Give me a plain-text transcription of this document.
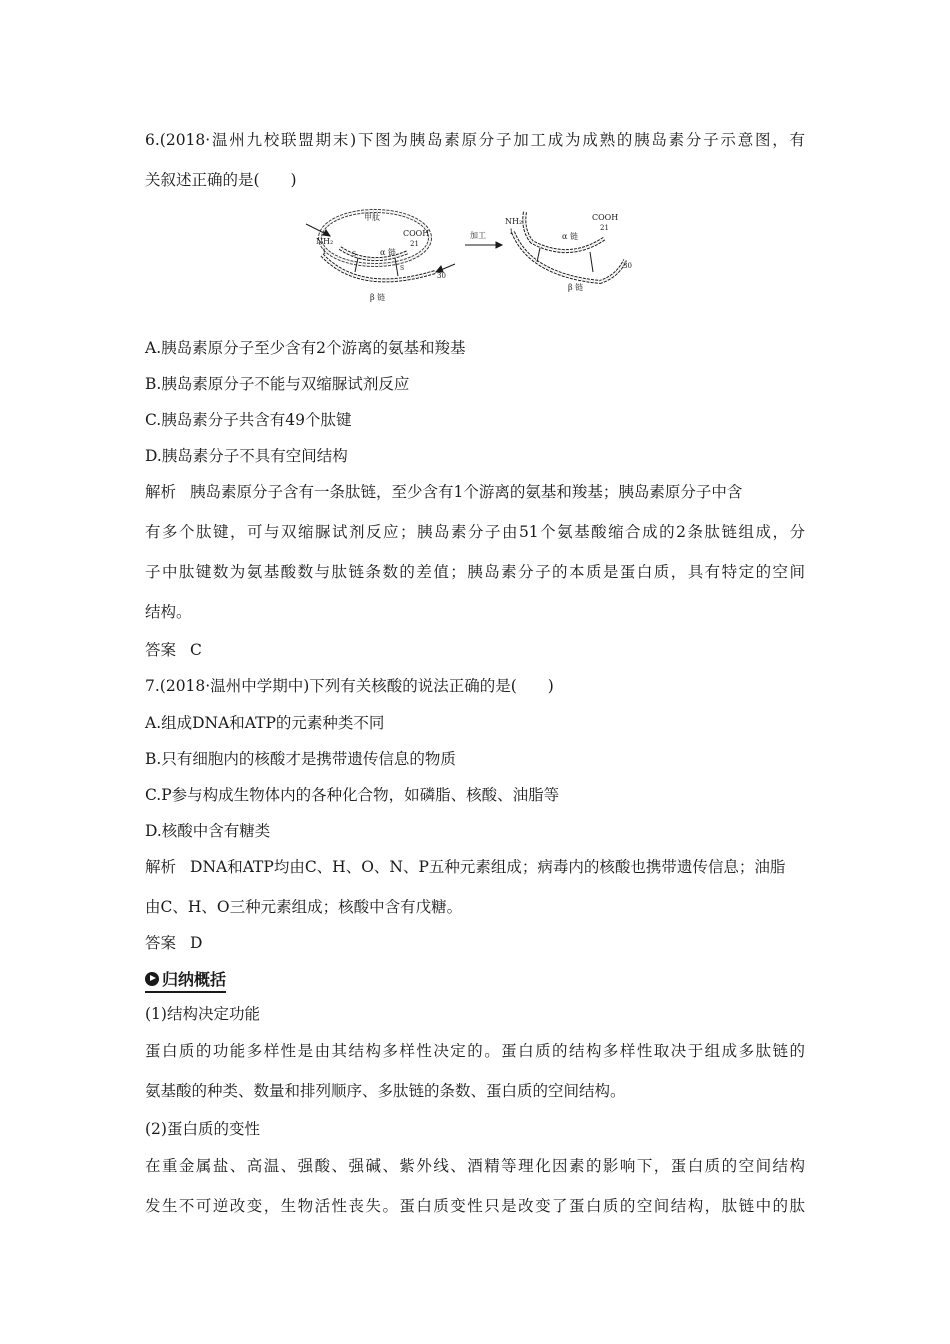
6.(2018·温州九校联盟期末)下图为胰岛素原分子加工成为成熟的胰岛素分子示意图，有
关叙述正确的是(　　)
甲肽
NH₂
1
COOH
21
α 链
30
β 链
S
S
加工
NH₂
1
COOH
21
α 链
30
β 链
A.胰岛素原分子至少含有2个游离的氨基和羧基
B.胰岛素原分子不能与双缩脲试剂反应
C.胰岛素分子共含有49个肽键
D.胰岛素分子不具有空间结构
解析 胰岛素原分子含有一条肽链，至少含有1个游离的氨基和羧基；胰岛素原分子中含
有多个肽键，可与双缩脲试剂反应；胰岛素分子由51个氨基酸缩合成的2条肽链组成，分
子中肽键数为氨基酸数与肽链条数的差值；胰岛素分子的本质是蛋白质，具有特定的空间
结构。
答案 C
7.(2018·温州中学期中)下列有关核酸的说法正确的是(　　)
A.组成DNA和ATP的元素种类不同
B.只有细胞内的核酸才是携带遗传信息的物质
C.P参与构成生物体内的各种化合物，如磷脂、核酸、油脂等
D.核酸中含有糖类
解析 DNA和ATP均由C、H、O、N、P五种元素组成；病毒内的核酸也携带遗传信息；油脂
由C、H、O三种元素组成；核酸中含有戊糖。
答案 D
归纳概括
(1)结构决定功能
蛋白质的功能多样性是由其结构多样性决定的。蛋白质的结构多样性取决于组成多肽链的
氨基酸的种类、数量和排列顺序、多肽链的条数、蛋白质的空间结构。
(2)蛋白质的变性
在重金属盐、高温、强酸、强碱、紫外线、酒精等理化因素的影响下，蛋白质的空间结构
发生不可逆改变，生物活性丧失。蛋白质变性只是改变了蛋白质的空间结构，肽链中的肽
